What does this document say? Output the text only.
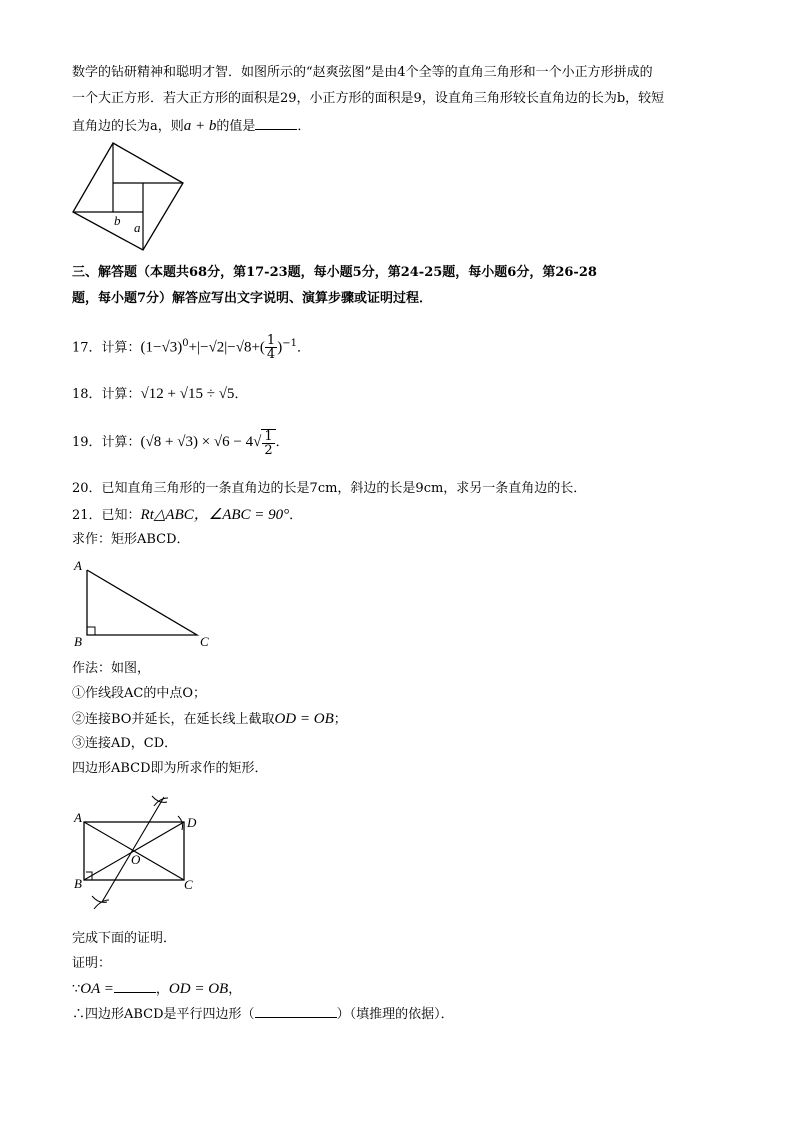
数学的钻研精神和聪明才智．如图所示的“赵爽弦图”是由4个全等的直角三角形和一个小正方形拼成的
一个大正方形．若大正方形的面积是29，小正方形的面积是9，设直角三角形较长直角边的长为b，较短
直角边的长为a，则a + b的值是	．
b a
三、解答题（本题共68分，第17-23题，每小题5分，第24-25题，每小题6分，第26-28
题，每小题7分）解答应写出文字说明、演算步骤或证明过程．
17．计算：$(1-√3)^0+|-√2|-√8+( \frac{1}{4} )^{-1}$．
18．计算：√12 + √15 ÷ √5．
19．计算：$(√8 + √3) \times √6 - 4√ \frac{1}{2}$ ．
20．已知直角三角形的一条直角边的长是7cm，斜边的长是9cm，求另一条直角边的长．
21．已知：Rt△ABC，∠ABC = 90°．
求作：矩形ABCD．
A
B	C
作法：如图，
①作线段AC的中点O；
②连接BO并延长，在延长线上截取OD = OB；
③连接AD，CD．
四边形ABCD即为所求作的矩形．
A
B	C
D
O
完成下面的证明．
证明：
∵OA =	，OD = OB，
∴四边形ABCD是平行四边形（	）（填推理的依据）．
